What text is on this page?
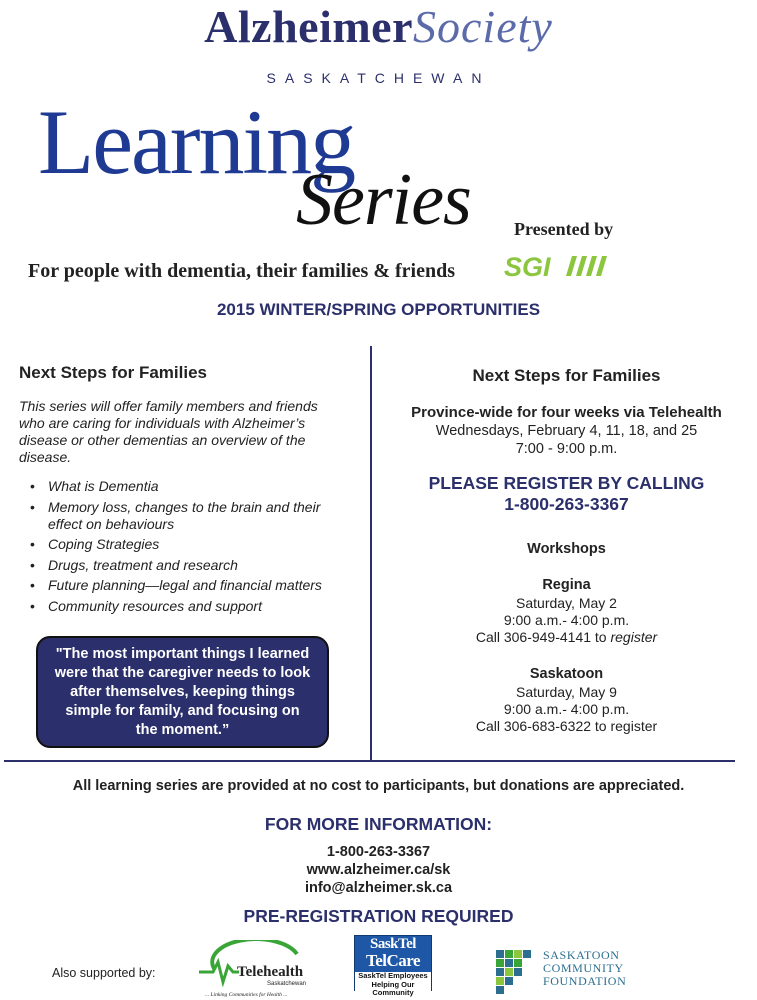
AlzheimerSociety
SASKATCHEWAN
Learning
Series Presented by
For people with dementia, their families & friends SGI
2015 WINTER/SPRING OPPORTUNITIES
Next Steps for Families
This series will offer family members and friends who are caring for individuals with Alzheimer’s disease or other dementias an overview of the disease.
• What is Dementia
• Memory loss, changes to the brain and their effect on behaviours
• Coping Strategies
• Drugs, treatment and research
• Future planning—legal and financial matters
• Community resources and support
"The most important things I learned were that the caregiver needs to look after themselves, keeping things simple for family, and focusing on the moment.”
Next Steps for Families
Province-wide for four weeks via Telehealth
Wednesdays, February 4, 11, 18, and 25
7:00 - 9:00 p.m.
PLEASE REGISTER BY CALLING
1-800-263-3367
Workshops
Regina
Saturday, May 2
9:00 a.m.- 4:00 p.m.
Call 306-949-4141 to register
Saskatoon
Saturday, May 9
9:00 a.m.- 4:00 p.m.
Call 306-683-6322 to register
All learning series are provided at no cost to participants, but donations are appreciated.
FOR MORE INFORMATION:
1-800-263-3367
www.alzheimer.ca/sk
info@alzheimer.sk.ca
PRE-REGISTRATION REQUIRED
Also supported by:	Telehealth
Saskatchewan
... Linking Communities for Health ...
SaskTel
TelCare
SaskTel Employees
Helping Our Community
SASKATOON
COMMUNITY
FOUNDATION
